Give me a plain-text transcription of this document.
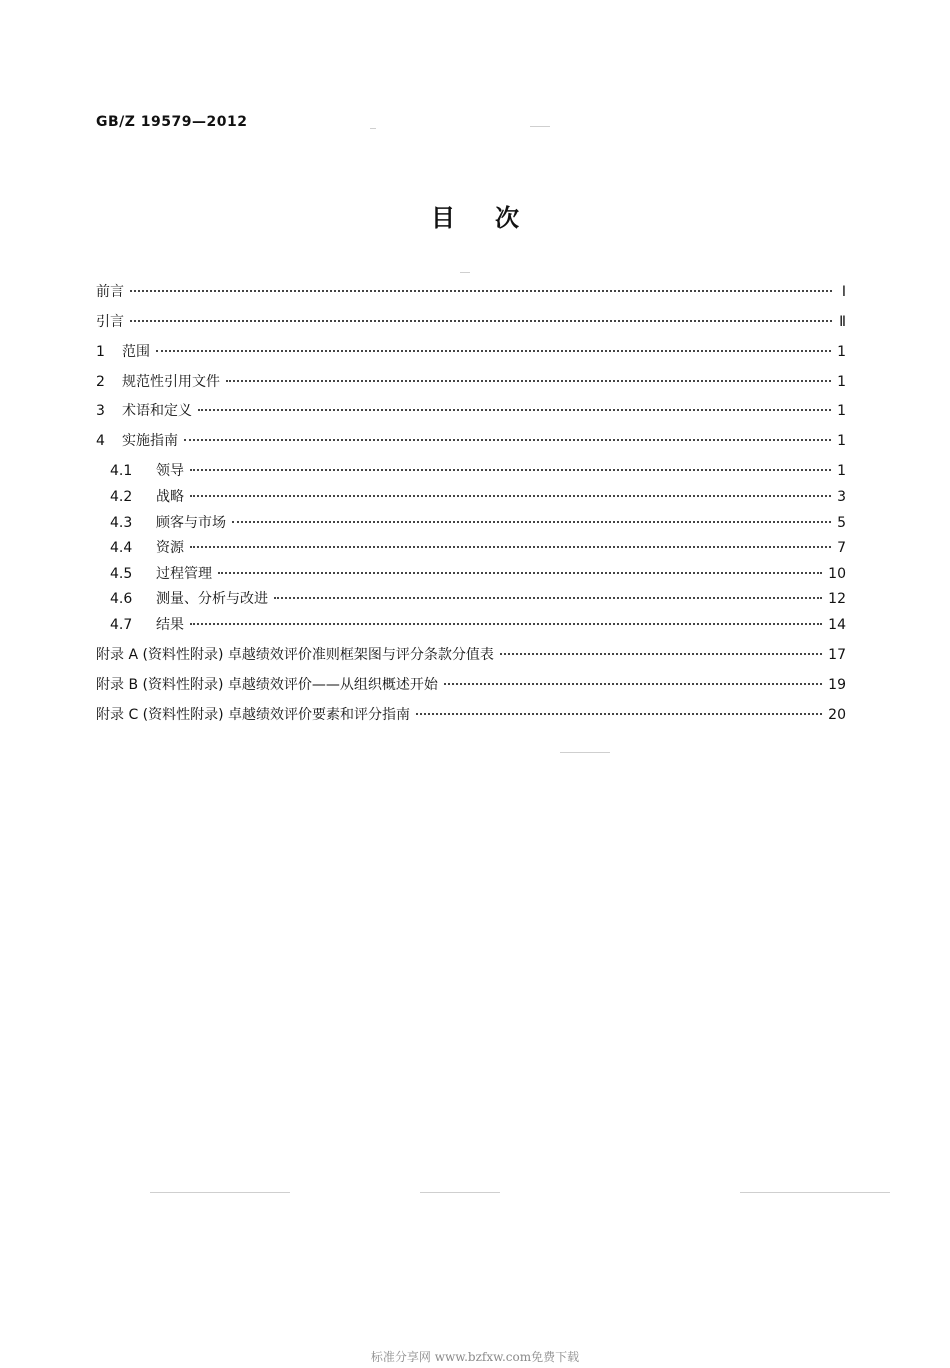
GB/Z 19579—2012
目次
前言	Ⅰ
引言	Ⅱ
1	范围	1
2	规范性引用文件	1
3	术语和定义	1
4	实施指南	1
4.1	领导	1
4.2	战略	3
4.3	顾客与市场	5
4.4	资源	7
4.5	过程管理	10
4.6	测量、分析与改进	12
4.7	结果	14
附录 A (资料性附录) 卓越绩效评价准则框架图与评分条款分值表	17
附录 B (资料性附录) 卓越绩效评价——从组织概述开始	19
附录 C (资料性附录) 卓越绩效评价要素和评分指南	20
标准分享网 www.bzfxw.com免费下载
